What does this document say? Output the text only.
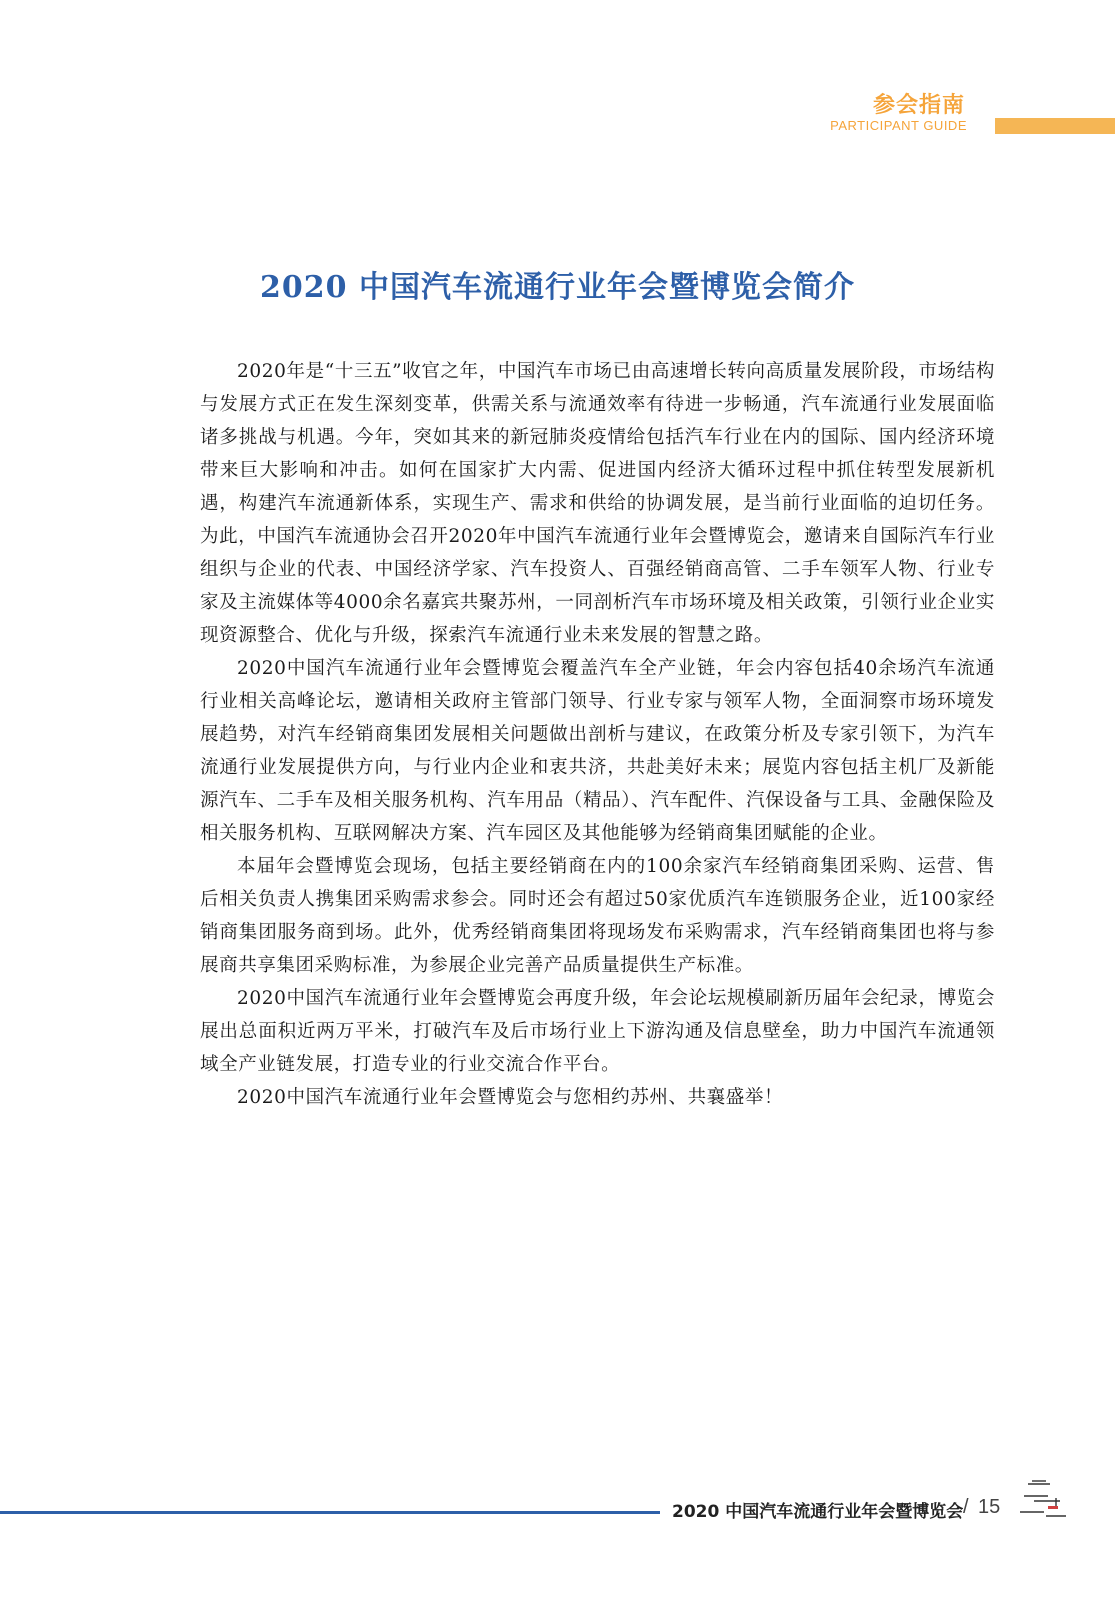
参会指南
PARTICIPANT GUIDE
2020 中国汽车流通行业年会暨博览会简介

2020年是“十三五”收官之年，中国汽车市场已由高速增长转向高质量发展阶段，市场结构与发展方式正在发生深刻变革，供需关系与流通效率有待进一步畅通，汽车流通行业发展面临诸多挑战与机遇。今年，突如其来的新冠肺炎疫情给包括汽车行业在内的国际、国内经济环境带来巨大影响和冲击。如何在国家扩大内需、促进国内经济大循环过程中抓住转型发展新机遇，构建汽车流通新体系，实现生产、需求和供给的协调发展，是当前行业面临的迫切任务。为此，中国汽车流通协会召开2020年中国汽车流通行业年会暨博览会，邀请来自国际汽车行业组织与企业的代表、中国经济学家、汽车投资人、百强经销商高管、二手车领军人物、行业专家及主流媒体等4000余名嘉宾共聚苏州，一同剖析汽车市场环境及相关政策，引领行业企业实现资源整合、优化与升级，探索汽车流通行业未来发展的智慧之路。

2020中国汽车流通行业年会暨博览会覆盖汽车全产业链，年会内容包括40余场汽车流通行业相关高峰论坛，邀请相关政府主管部门领导、行业专家与领军人物，全面洞察市场环境发展趋势，对汽车经销商集团发展相关问题做出剖析与建议，在政策分析及专家引领下，为汽车流通行业发展提供方向，与行业内企业和衷共济，共赴美好未来；展览内容包括主机厂及新能源汽车、二手车及相关服务机构、汽车用品（精品）、汽车配件、汽保设备与工具、金融保险及相关服务机构、互联网解决方案、汽车园区及其他能够为经销商集团赋能的企业。

本届年会暨博览会现场，包括主要经销商在内的100余家汽车经销商集团采购、运营、售后相关负责人携集团采购需求参会。同时还会有超过50家优质汽车连锁服务企业，近100家经销商集团服务商到场。此外，优秀经销商集团将现场发布采购需求，汽车经销商集团也将与参展商共享集团采购标准，为参展企业完善产品质量提供生产标准。

2020中国汽车流通行业年会暨博览会再度升级，年会论坛规模刷新历届年会纪录，博览会展出总面积近两万平米，打破汽车及后市场行业上下游沟通及信息壁垒，助力中国汽车流通领域全产业链发展，打造专业的行业交流合作平台。

2020中国汽车流通行业年会暨博览会与您相约苏州、共襄盛举！

2020 中国汽车流通行业年会暨博览会 / 15
